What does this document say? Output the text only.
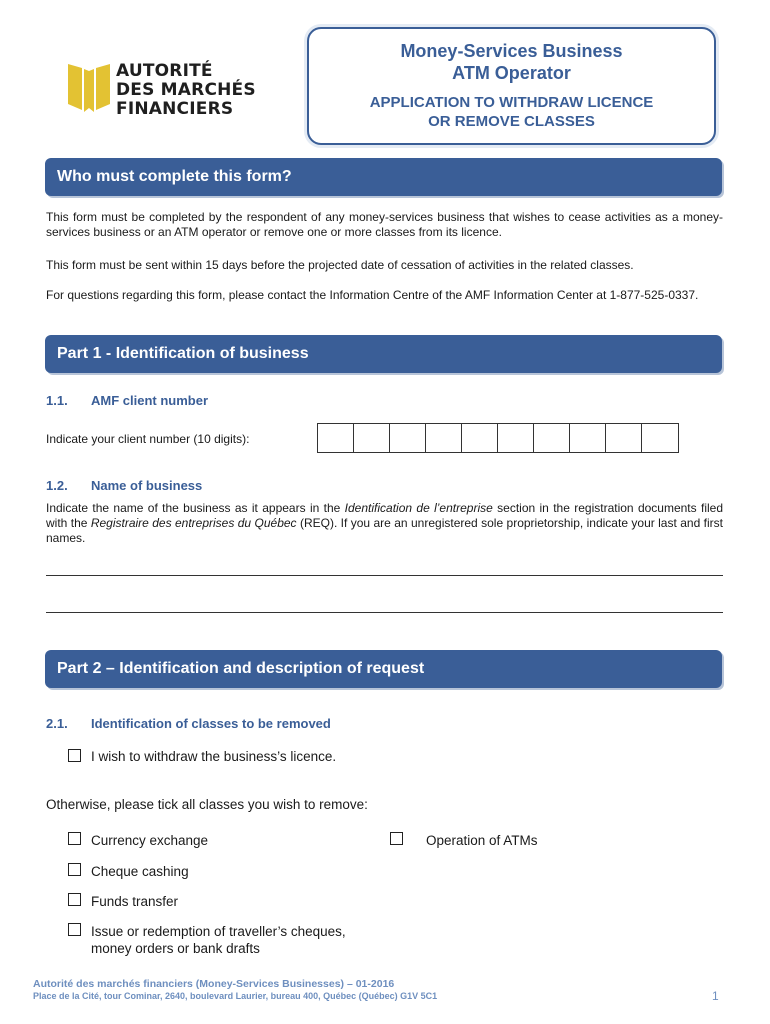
AUTORITÉ
DES MARCHÉS
FINANCIERS
Money-Services Business
ATM Operator
APPLICATION TO WITHDRAW LICENCE
OR REMOVE CLASSES
Who must complete this form?
This form must be completed by the respondent of any money-services business that wishes to cease activities as a money-services business or an ATM operator or remove one or more classes from its licence.
This form must be sent within 15 days before the projected date of cessation of activities in the related classes.
For questions regarding this form, please contact the Information Centre of the AMF Information Center at 1-877-525-0337.
Part 1 - Identification of business
1.1. AMF client number
Indicate your client number (10 digits):
1.2. Name of business
Indicate the name of the business as it appears in the Identification de l’entreprise section in the registration documents filed with the Registraire des entreprises du Québec (REQ). If you are an unregistered sole proprietorship, indicate your last and first names.
Part 2 – Identification and description of request
2.1. Identification of classes to be removed
I wish to withdraw the business’s licence.
Otherwise, please tick all classes you wish to remove:
Currency exchange	Operation of ATMs
Cheque cashing
Funds transfer
Issue or redemption of traveller’s cheques,
money orders or bank drafts
Autorité des marchés financiers (Money-Services Businesses) – 01-2016
Place de la Cité, tour Cominar, 2640, boulevard Laurier, bureau 400, Québec (Québec) G1V 5C1	1
